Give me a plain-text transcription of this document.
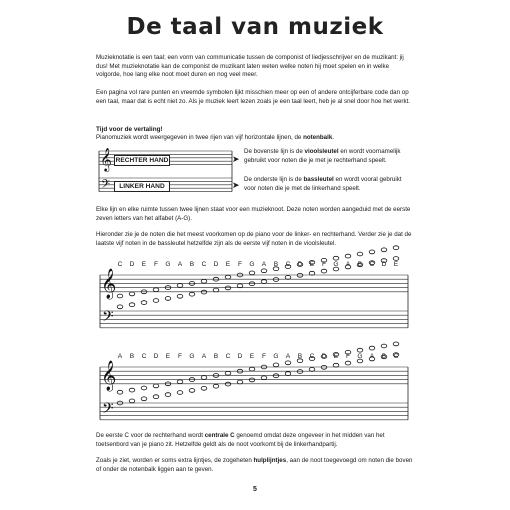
De taal van muziek

Muzieknotatie is een taal; een vorm van communicatie tussen de componist of liedjesschrijver en de muzikant: jij dus! Met muzieknotatie kan de componist de muzikant laten weten welke noten hij moet spelen en in welke volgorde, hoe lang elke noot moet duren en nog veel meer.

Een pagina vol rare punten en vreemde symbolen lijkt misschien meer op een of andere ontcijferbare code dan op een taal, maar dat is echt niet zo. Als je muziek leert lezen zoals je een taal leert, heb je al snel door hoe het werkt.

Tijd voor de vertaling!

Pianomuziek wordt weergegeven in twee rijen van vijf horizontale lijnen, de notenbalk.

𝄞
𝄢
𝄞
𝄢
𝄞
𝄢
RECHTER HAND
LINKER HAND
➤
➤

De bovenste lijn is de vioolsleutel en wordt voornamelijk gebruikt voor noten die je met je rechterhand speelt.

De onderste lijn is de bassleutel en wordt vooral gebruikt voor noten die je met de linkerhand speelt.

Elke lijn en elke ruimte tussen twee lijnen staat voor een muzieknoot. Deze noten worden aangeduid met de eerste zeven letters van het alfabet (A-G).

Hieronder zie je de noten die het meest voorkomen op de piano voor de linker- en rechterhand. Verder zie je dat de laatste vijf noten in de bassleutel hetzelfde zijn als de eerste vijf noten in de vioolsleutel.

C D E F G A B C D E F G A B C D E F G A B C D E
A B C D E F G A B C D E F G A B C D E F G A B C

De eerste C voor de rechterhand wordt centrale C genoemd omdat deze ongeveer in het midden van het toetsenbord van je piano zit. Hetzelfde geldt als de noot voorkomt bij de linkerhandpartij.

Zoals je ziet, worden er soms extra lijntjes, de zogeheten hulplijntjes, aan de noot toegevoegd om noten die boven of onder de notenbalk liggen aan te geven.

5
